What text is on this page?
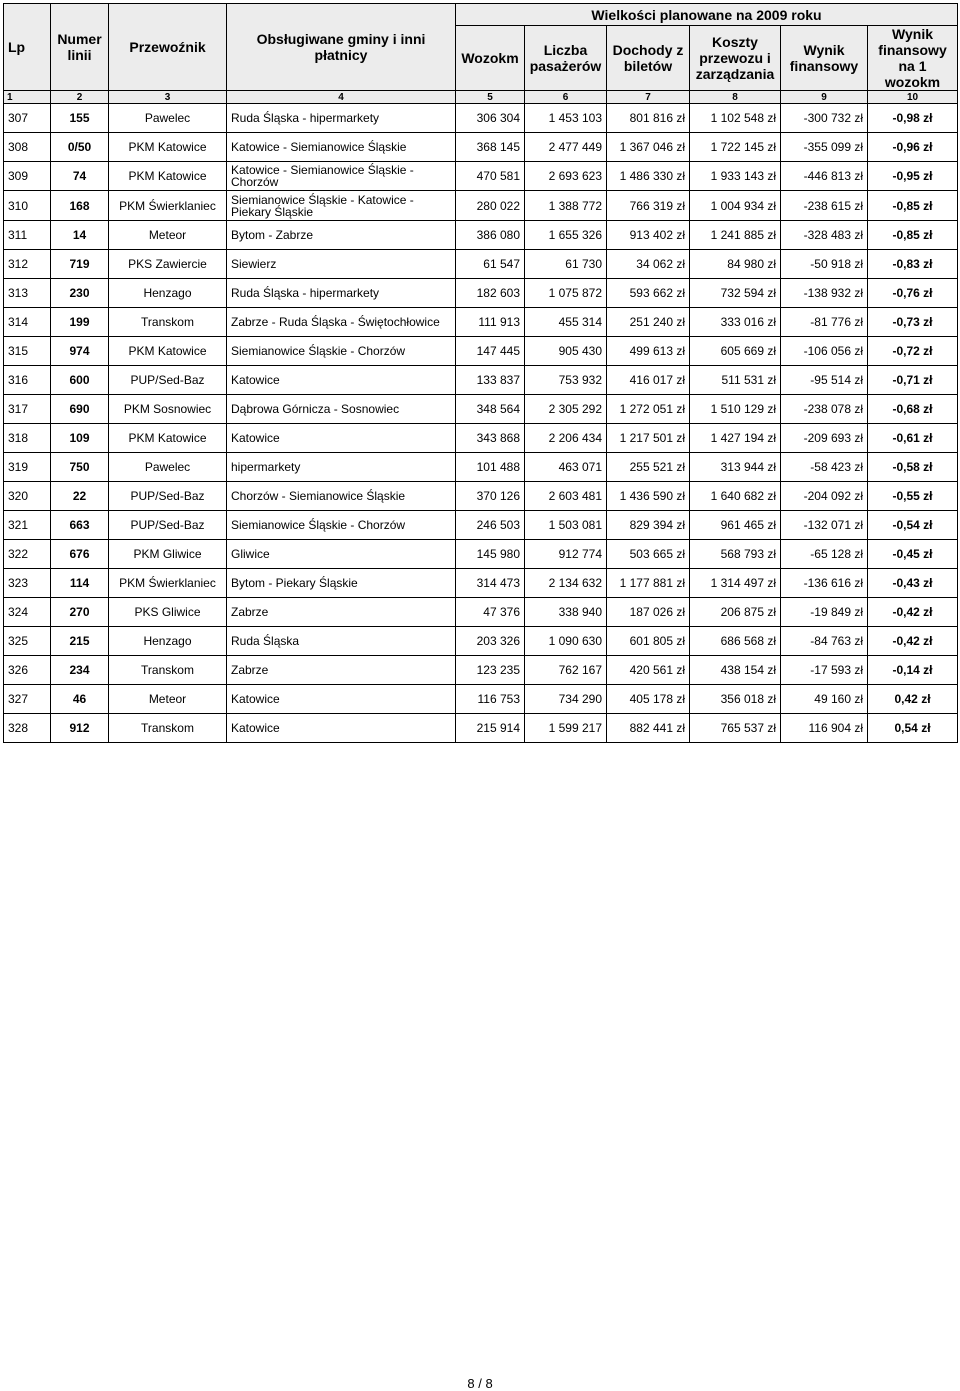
Lp	Numer linii	Przewoźnik	Obsługiwane gminy i inni płatnicy	Wielkości planowane na 2009 roku					
				Wozokm	Liczba pasażerów	Dochody z biletów	Koszty przewozu i zarządzania	Wynik finansowy	Wynik finansowy na 1 wozokm
1	2	3	4	5	6	7	8	9	10
307	155	Pawelec	Ruda Śląska - hipermarkety	306 304	1 453 103	801 816 zł	1 102 548 zł	-300 732 zł	-0,98 zł
308	0/50	PKM Katowice	Katowice - Siemianowice Śląskie	368 145	2 477 449	1 367 046 zł	1 722 145 zł	-355 099 zł	-0,96 zł
309	74	PKM Katowice	Katowice - Siemianowice Śląskie - Chorzów	470 581	2 693 623	1 486 330 zł	1 933 143 zł	-446 813 zł	-0,95 zł
310	168	PKM Świerklaniec	Siemianowice Śląskie - Katowice - Piekary Śląskie	280 022	1 388 772	766 319 zł	1 004 934 zł	-238 615 zł	-0,85 zł
311	14	Meteor	Bytom - Zabrze	386 080	1 655 326	913 402 zł	1 241 885 zł	-328 483 zł	-0,85 zł
312	719	PKS Zawiercie	Siewierz	61 547	61 730	34 062 zł	84 980 zł	-50 918 zł	-0,83 zł
313	230	Henzago	Ruda Śląska - hipermarkety	182 603	1 075 872	593 662 zł	732 594 zł	-138 932 zł	-0,76 zł
314	199	Transkom	Zabrze - Ruda Śląska - Świętochłowice	111 913	455 314	251 240 zł	333 016 zł	-81 776 zł	-0,73 zł
315	974	PKM Katowice	Siemianowice Śląskie - Chorzów	147 445	905 430	499 613 zł	605 669 zł	-106 056 zł	-0,72 zł
316	600	PUP/Sed-Baz	Katowice	133 837	753 932	416 017 zł	511 531 zł	-95 514 zł	-0,71 zł
317	690	PKM Sosnowiec	Dąbrowa Górnicza - Sosnowiec	348 564	2 305 292	1 272 051 zł	1 510 129 zł	-238 078 zł	-0,68 zł
318	109	PKM Katowice	Katowice	343 868	2 206 434	1 217 501 zł	1 427 194 zł	-209 693 zł	-0,61 zł
319	750	Pawelec	hipermarkety	101 488	463 071	255 521 zł	313 944 zł	-58 423 zł	-0,58 zł
320	22	PUP/Sed-Baz	Chorzów - Siemianowice Śląskie	370 126	2 603 481	1 436 590 zł	1 640 682 zł	-204 092 zł	-0,55 zł
321	663	PUP/Sed-Baz	Siemianowice Śląskie - Chorzów	246 503	1 503 081	829 394 zł	961 465 zł	-132 071 zł	-0,54 zł
322	676	PKM Gliwice	Gliwice	145 980	912 774	503 665 zł	568 793 zł	-65 128 zł	-0,45 zł
323	114	PKM Świerklaniec	Bytom - Piekary Śląskie	314 473	2 134 632	1 177 881 zł	1 314 497 zł	-136 616 zł	-0,43 zł
324	270	PKS Gliwice	Zabrze	47 376	338 940	187 026 zł	206 875 zł	-19 849 zł	-0,42 zł
325	215	Henzago	Ruda Śląska	203 326	1 090 630	601 805 zł	686 568 zł	-84 763 zł	-0,42 zł
326	234	Transkom	Zabrze	123 235	762 167	420 561 zł	438 154 zł	-17 593 zł	-0,14 zł
327	46	Meteor	Katowice	116 753	734 290	405 178 zł	356 018 zł	49 160 zł	0,42 zł
328	912	Transkom	Katowice	215 914	1 599 217	882 441 zł	765 537 zł	116 904 zł	0,54 zł
8 / 8
